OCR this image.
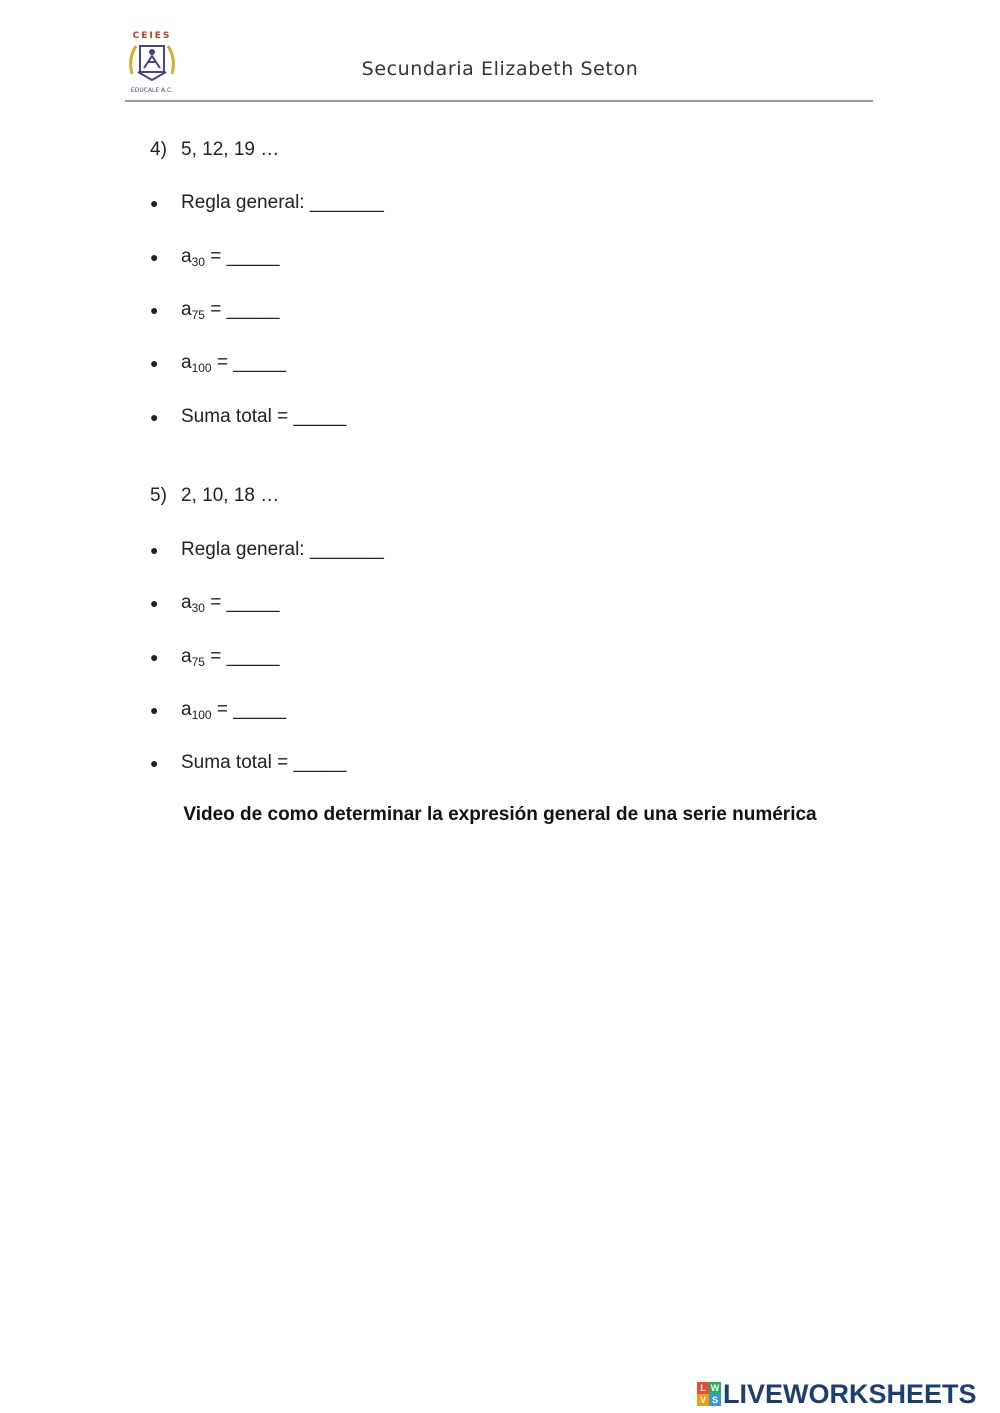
CEIES
EDUCALE A.C.
Secundaria Elizabeth Seton
4) 5, 12, 19 …
● Regla general: _______
● $a_{30}$ = _____
● $a_{75}$ = _____
● $a_{100}$ = _____
● Suma total = _____
5) 2, 10, 18 …
● Regla general: _______
● $a_{30}$ = _____
● $a_{75}$ = _____
● $a_{100}$ = _____
● Suma total = _____
Video de como determinar la expresión general de una serie numérica
L W
V S LIVEWORKSHEETS
